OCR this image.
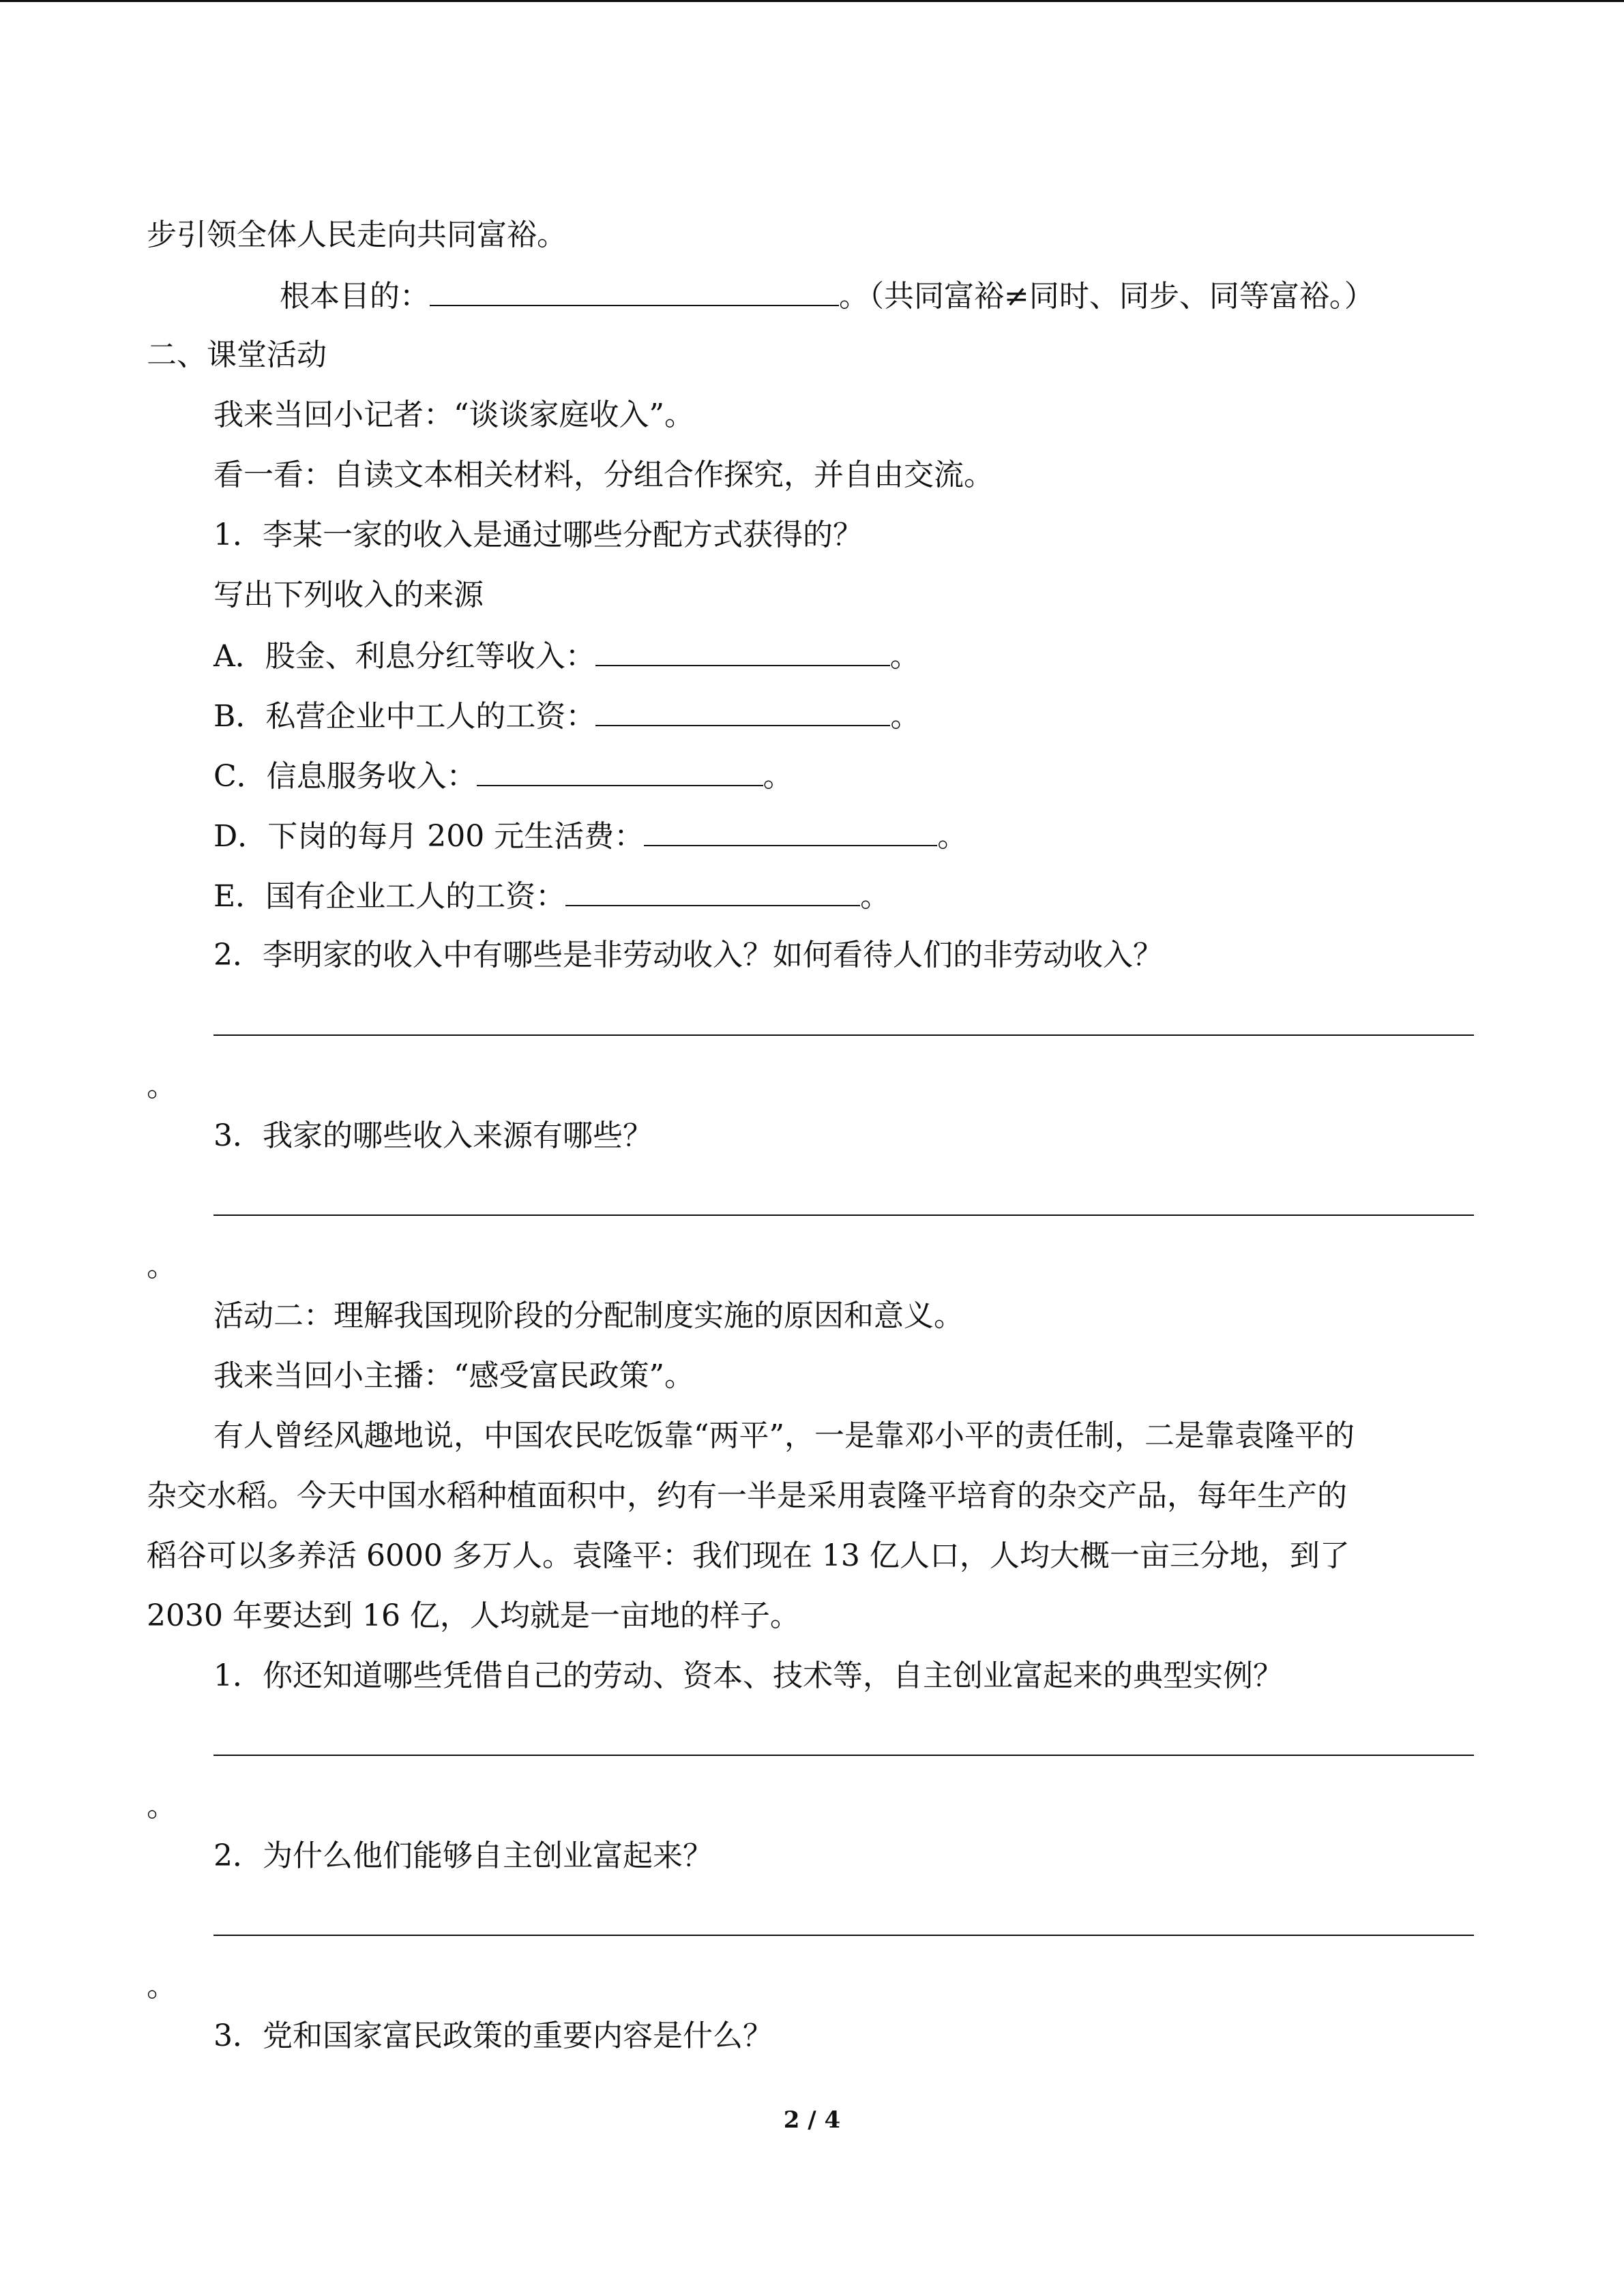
步引领全体人民走向共同富裕。
根本目的：	。（共同富裕≠同时、同步、同等富裕。）
二、课堂活动
我来当回小记者：“谈谈家庭收入”。
看一看：自读文本相关材料，分组合作探究，并自由交流。
1．李某一家的收入是通过哪些分配方式获得的？
写出下列收入的来源
A．股金、利息分红等收入：	。
B．私营企业中工人的工资：	。
C．信息服务收入：	。
D．下岗的每月 200 元生活费：	。
E．国有企业工人的工资：	。
2．李明家的收入中有哪些是非劳动收入？如何看待人们的非劳动收入？
。
3．我家的哪些收入来源有哪些？
。
活动二：理解我国现阶段的分配制度实施的原因和意义。
我来当回小主播：“感受富民政策”。
有人曾经风趣地说，中国农民吃饭靠“两平”，一是靠邓小平的责任制，二是靠袁隆平的
杂交水稻。今天中国水稻种植面积中，约有一半是采用袁隆平培育的杂交产品，每年生产的
稻谷可以多养活 6000 多万人。袁隆平：我们现在 13 亿人口，人均大概一亩三分地，到了
2030 年要达到 16 亿，人均就是一亩地的样子。
1．你还知道哪些凭借自己的劳动、资本、技术等，自主创业富起来的典型实例？
。
2．为什么他们能够自主创业富起来？
。
3．党和国家富民政策的重要内容是什么？
2 / 4
